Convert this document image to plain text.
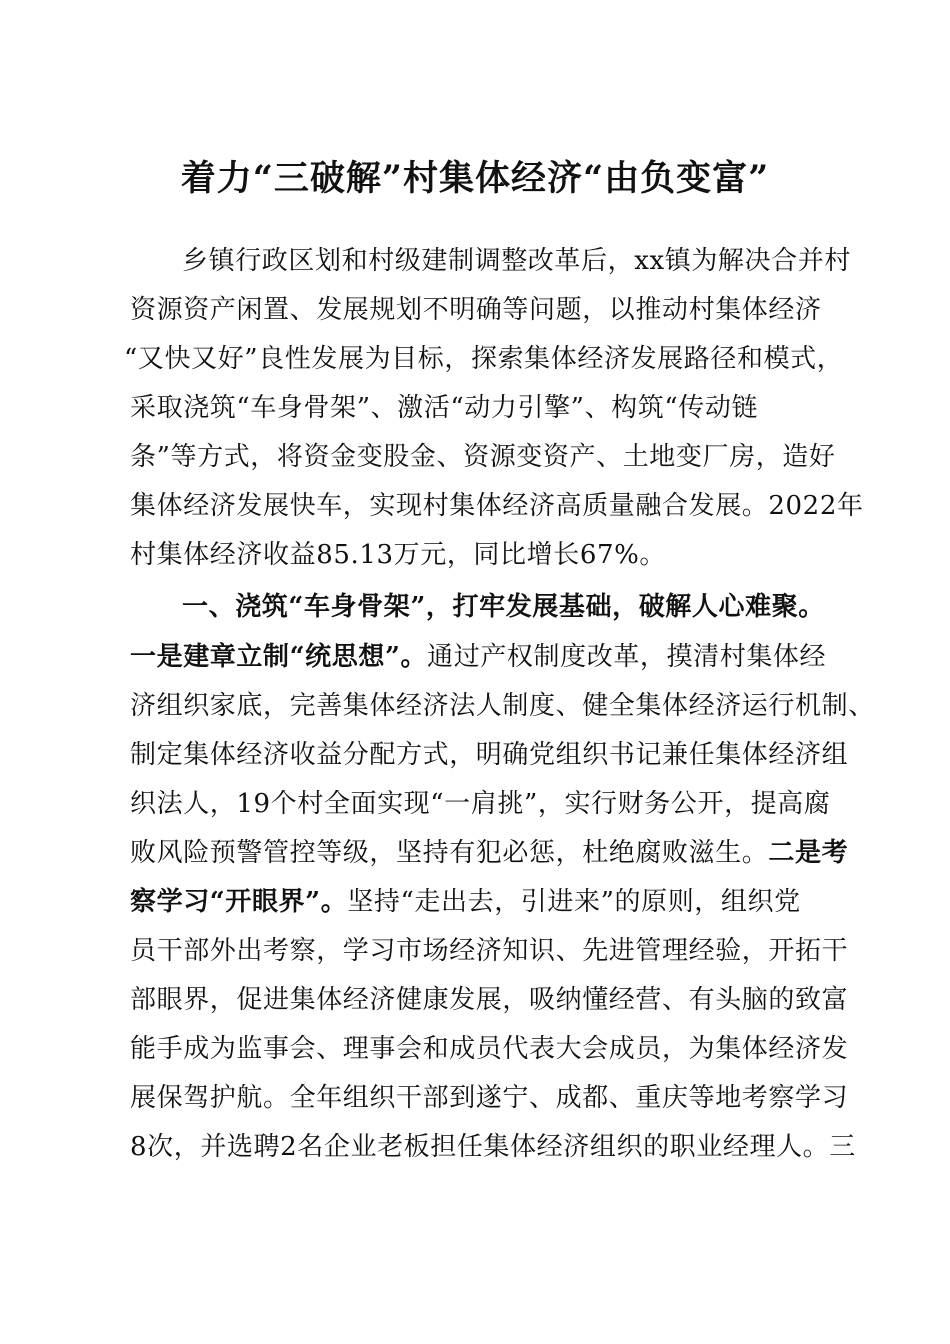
着力“三破解”村集体经济“由负变富”
乡镇行政区划和村级建制调整改革后，xx镇为解决合并村
资源资产闲置、发展规划不明确等问题，以推动村集体经济
“又快又好”良性发展为目标，探索集体经济发展路径和模式，
采取浇筑“车身骨架”、激活“动力引擎”、构筑“传动链
条”等方式，将资金变股金、资源变资产、土地变厂房，造好
集体经济发展快车，实现村集体经济高质量融合发展。2022年
村集体经济收益85.13万元，同比增长67%。
一、浇筑“车身骨架”，打牢发展基础，破解人心难聚。
一是建章立制“统思想”。通过产权制度改革，摸清村集体经
济组织家底，完善集体经济法人制度、健全集体经济运行机制、
制定集体经济收益分配方式，明确党组织书记兼任集体经济组
织法人，19个村全面实现“一肩挑”，实行财务公开，提高腐
败风险预警管控等级，坚持有犯必惩，杜绝腐败滋生。二是考
察学习“开眼界”。坚持“走出去，引进来”的原则，组织党
员干部外出考察，学习市场经济知识、先进管理经验，开拓干
部眼界，促进集体经济健康发展，吸纳懂经营、有头脑的致富
能手成为监事会、理事会和成员代表大会成员，为集体经济发
展保驾护航。全年组织干部到遂宁、成都、重庆等地考察学习
8次，并选聘2名企业老板担任集体经济组织的职业经理人。三
